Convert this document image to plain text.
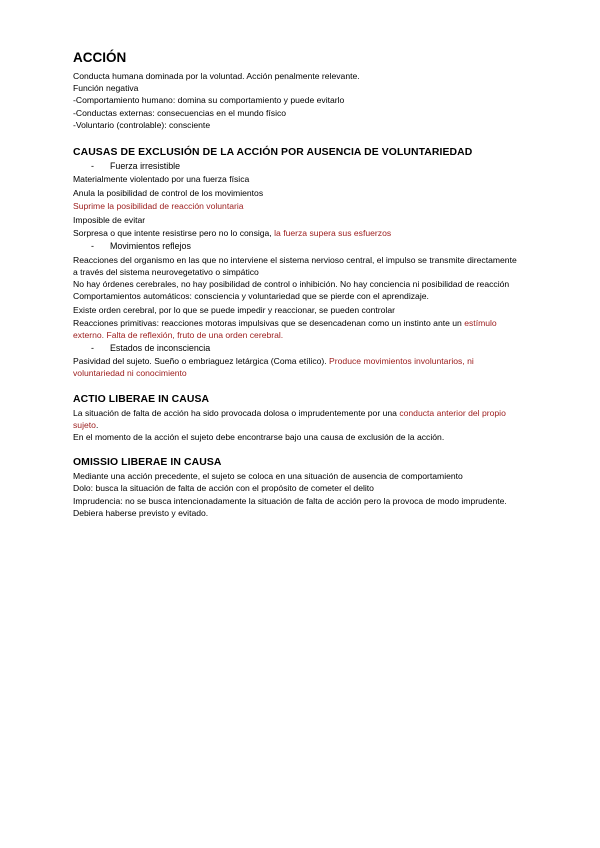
ACCIÓN

Conducta humana dominada por la voluntad. Acción penalmente relevante.

Función negativa

-Comportamiento humano: domina su comportamiento y puede evitarlo

-Conductas externas: consecuencias en el mundo físico

-Voluntario (controlable): consciente

CAUSAS DE EXCLUSIÓN DE LA ACCIÓN POR AUSENCIA DE VOLUNTARIEDAD

- Fuerza irresistible

Materialmente violentado por una fuerza física

Anula la posibilidad de control de los movimientos

Suprime la posibilidad de reacción voluntaria

Imposible de evitar

Sorpresa o que intente resistirse pero no lo consiga, la fuerza supera sus esfuerzos

- Movimientos reflejos

Reacciones del organismo en las que no interviene el sistema nervioso central, el impulso se transmite directamente a través del sistema neurovegetativo o simpático

No hay órdenes cerebrales, no hay posibilidad de control o inhibición. No hay conciencia ni posibilidad de reacción

Comportamientos automáticos: consciencia y voluntariedad que se pierde con el aprendizaje.

Existe orden cerebral, por lo que se puede impedir y reaccionar, se pueden controlar

Reacciones primitivas: reacciones motoras impulsivas que se desencadenan como un instinto ante un estímulo externo. Falta de reflexión, fruto de una orden cerebral.

- Estados de inconsciencia

Pasividad del sujeto. Sueño o embriaguez letárgica (Coma etílico). Produce movimientos involuntarios, ni voluntariedad ni conocimiento

ACTIO LIBERAE IN CAUSA

La situación de falta de acción ha sido provocada dolosa o imprudentemente por una conducta anterior del propio sujeto.

En el momento de la acción el sujeto debe encontrarse bajo una causa de exclusión de la acción.

OMISSIO LIBERAE IN CAUSA

Mediante una acción precedente, el sujeto se coloca en una situación de ausencia de comportamiento

Dolo: busca la situación de falta de acción con el propósito de cometer el delito

Imprudencia: no se busca intencionadamente la situación de falta de acción pero la provoca de modo imprudente. Debiera haberse previsto y evitado.
